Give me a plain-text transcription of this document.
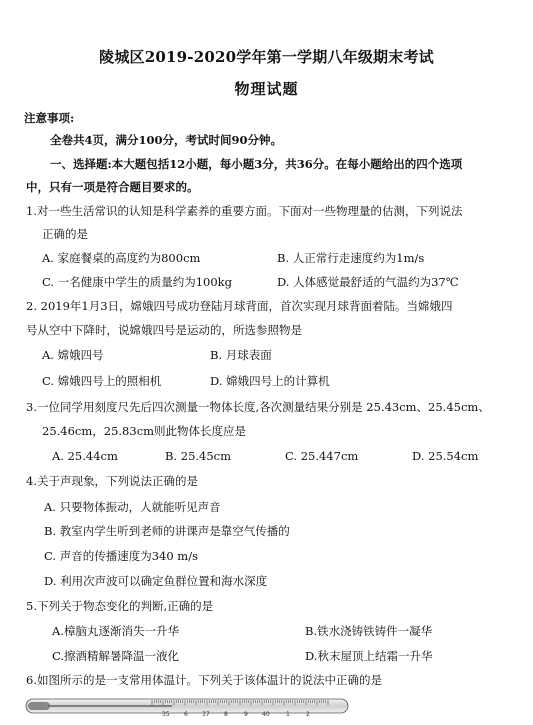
陵城区2019-2020学年第一学期八年级期末考试
物理试题
注意事项:
全卷共4页，满分100分，考试时间90分钟。
一、选择题:本大题包括12小题，每小题3分，共36分。在每小题给出的四个选项
中，只有一项是符合题目要求的。
1.对一些生活常识的认知是科学素养的重要方面。下面对一些物理量的估测，下列说法
正确的是
A. 家庭餐桌的高度约为800cm	B. 人正常行走速度约为1m/s
C. 一名健康中学生的质量约为100kg	D. 人体感觉最舒适的气温约为37℃
2. 2019年1月3日，嫦娥四号成功登陆月球背面，首次实现月球背面着陆。当嫦娥四
号从空中下降时，说嫦娥四号是运动的，所选参照物是
A. 嫦娥四号	B. 月球表面
C. 嫦娥四号上的照相机	D. 嫦娥四号上的计算机
3.一位同学用刻度尺先后四次测量一物体长度,各次测量结果分别是 25.43cm、25.45cm、
25.46cm，25.83cm则此物体长度应是
A. 25.44cm	B. 25.45cm	C. 25.447cm	D. 25.54cm
4.关于声现象，下列说法正确的是
A. 只要物体振动，人就能听见声音
B. 教室内学生听到老师的讲课声是靠空气传播的
C. 声音的传播速度为340 m/s
D. 利用次声波可以确定鱼群位置和海水深度
5.下列关于物态变化的判断,正确的是
A.樟脑丸逐渐消失一升华	B.铁水浇铸铁铸件一凝华
C.擦酒精解暑降温一液化	D.秋末屋顶上结霜一升华
6.如图所示的是一支常用体温计。下列关于该体温计的说法中正确的是
35 6 37 8	9 40	1	2
